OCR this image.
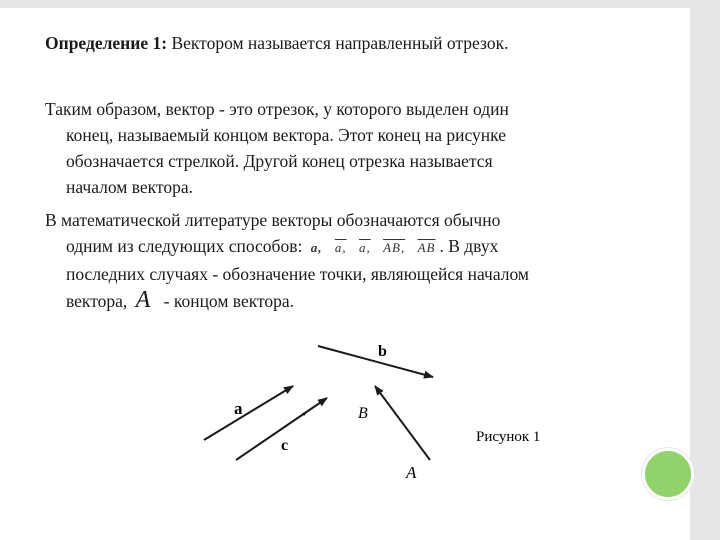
Определение 1: Вектором называется направленный отрезок.
Таким образом, вектор - это отрезок, у которого выделен один
конец, называемый концом вектора. Этот конец на рисунке
обозначается стрелкой. Другой конец отрезка называется
началом вектора.
В математической литературе векторы обозначаются обычно
одним из следующих способов: a, a, a, AB, $\overline{AB}$ . В двух
последних случаях - обозначение точки, являющейся началом
вектора, A - концом вектора.
b
a
c
B
A
Рисунок 1
